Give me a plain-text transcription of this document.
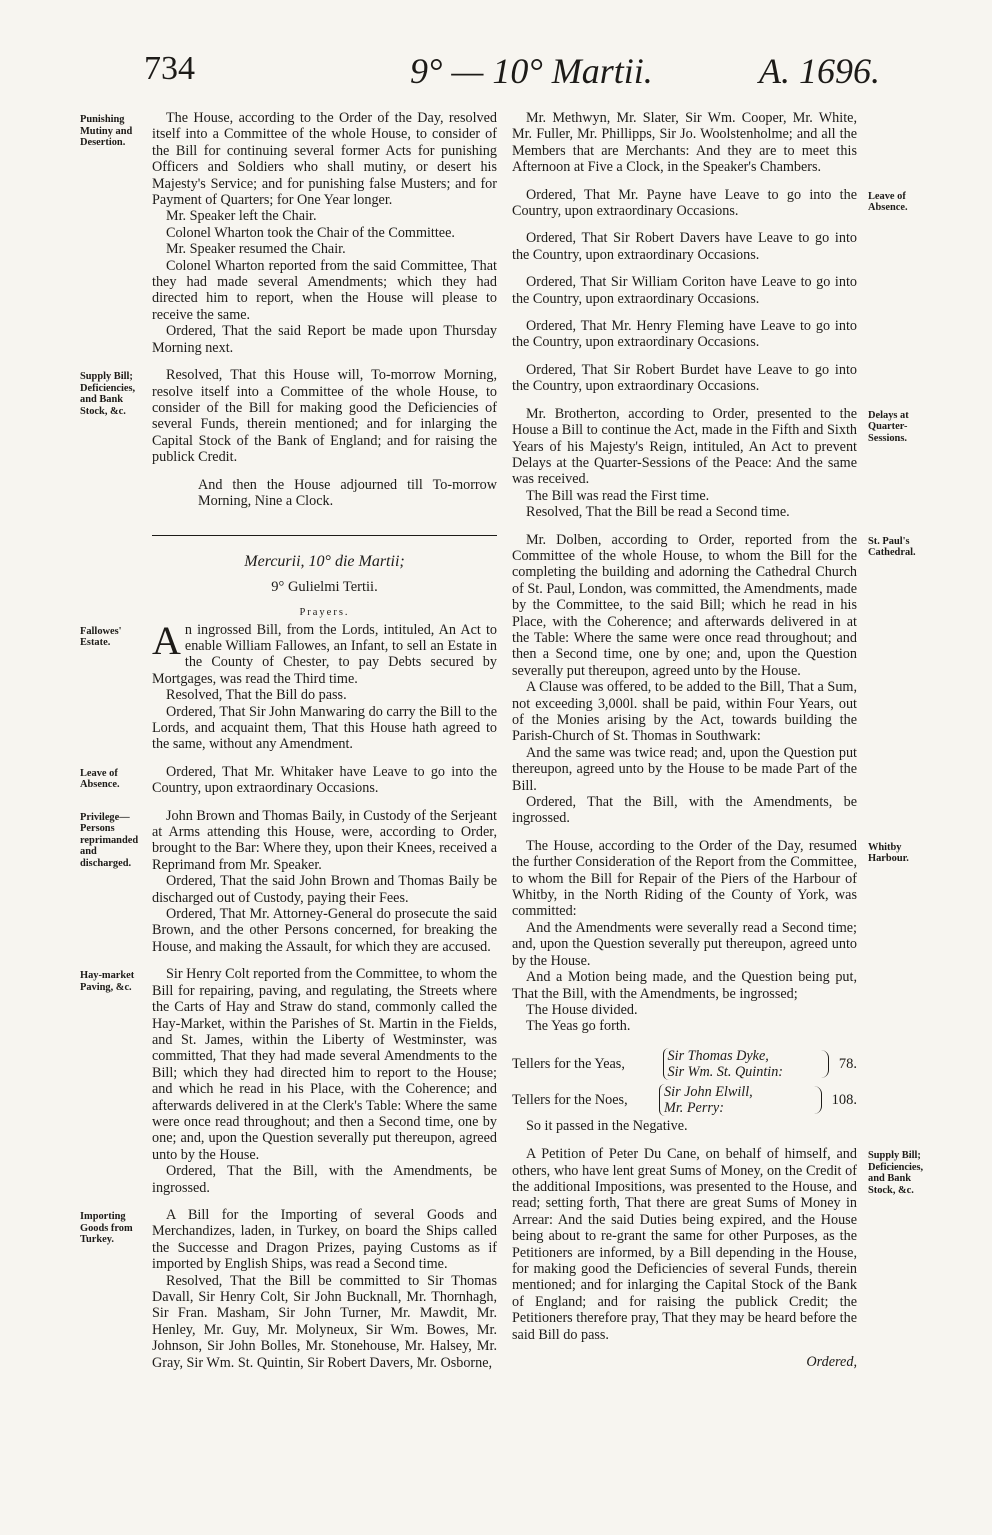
734	9° — 10° Martii.	A. 1696.
Punishing Mutiny and Desertion.

The House, according to the Order of the Day, resolved itself into a Committee of the whole House, to consider of the Bill for continuing several former Acts for punishing Officers and Soldiers who shall mutiny, or desert his Majesty's Service; and for punishing false Musters; and for Payment of Quarters; for One Year longer.

Mr. Speaker left the Chair.

Colonel Wharton took the Chair of the Committee.

Mr. Speaker resumed the Chair.

Colonel Wharton reported from the said Committee, That they had made several Amendments; which they had directed him to report, when the House will please to receive the same.

Ordered, That the said Report be made upon Thursday Morning next.

Supply Bill; Deficiencies, and Bank Stock, &c.

Resolved, That this House will, To-morrow Morning, resolve itself into a Committee of the whole House, to consider of the Bill for making good the Deficiencies of several Funds, therein mentioned; and for inlarging the Capital Stock of the Bank of England; and for raising the publick Credit.

And then the House adjourned till To-morrow Morning, Nine a Clock.

Mercurii, 10° die Martii;

9° Gulielmi Tertii.

Prayers.

Fallowes' Estate.	An ingrossed Bill, from the Lords, intituled, An Act to enable William Fallowes, an Infant, to sell an Estate in the County of Chester, to pay Debts secured by Mortgages, was read the Third time.

Resolved, That the Bill do pass.

Ordered, That Sir John Manwaring do carry the Bill to the Lords, and acquaint them, That this House hath agreed to the same, without any Amendment.

Leave of Absence.

Ordered, That Mr. Whitaker have Leave to go into the Country, upon extraordinary Occasions.

Privilege— Persons reprimanded and discharged.

John Brown and Thomas Baily, in Custody of the Serjeant at Arms attending this House, were, according to Order, brought to the Bar: Where they, upon their Knees, received a Reprimand from Mr. Speaker.

Ordered, That the said John Brown and Thomas Baily be discharged out of Custody, paying their Fees.

Ordered, That Mr. Attorney-General do prosecute the said Brown, and the other Persons concerned, for breaking the House, and making the Assault, for which they are accused.

Hay-market Paving, &c.

Sir Henry Colt reported from the Committee, to whom the Bill for repairing, paving, and regulating, the Streets where the Carts of Hay and Straw do stand, commonly called the Hay-Market, within the Parishes of St. Martin in the Fields, and St. James, within the Liberty of Westminster, was committed, That they had made several Amendments to the Bill; which they had directed him to report to the House; and which he read in his Place, with the Coherence; and afterwards delivered in at the Clerk's Table: Where the same were once read throughout; and then a Second time, one by one; and, upon the Question severally put thereupon, agreed unto by the House.

Ordered, That the Bill, with the Amendments, be ingrossed.

Importing Goods from Turkey.

A Bill for the Importing of several Goods and Merchandizes, laden, in Turkey, on board the Ships called the Successe and Dragon Prizes, paying Customs as if imported by English Ships, was read a Second time.

Resolved, That the Bill be committed to Sir Thomas Davall, Sir Henry Colt, Sir John Bucknall, Mr. Thornhagh, Sir Fran. Masham, Sir John Turner, Mr. Mawdit, Mr. Henley, Mr. Guy, Mr. Molyneux, Sir Wm. Bowes, Mr. Johnson, Sir John Bolles, Mr. Stonehouse, Mr. Halsey, Mr. Gray, Sir Wm. St. Quintin, Sir Robert Davers, Mr. Osborne,

Mr. Methwyn, Mr. Slater, Sir Wm. Cooper, Mr. White, Mr. Fuller, Mr. Phillipps, Sir Jo. Woolstenholme; and all the Members that are Merchants: And they are to meet this Afternoon at Five a Clock, in the Speaker's Chambers.

Leave of Absence.

Ordered, That Mr. Payne have Leave to go into the Country, upon extraordinary Occasions.

Ordered, That Sir Robert Davers have Leave to go into the Country, upon extraordinary Occasions.

Ordered, That Sir William Coriton have Leave to go into the Country, upon extraordinary Occasions.

Ordered, That Mr. Henry Fleming have Leave to go into the Country, upon extraordinary Occasions.

Ordered, That Sir Robert Burdet have Leave to go into the Country, upon extraordinary Occasions.

Delays at Quarter-Sessions.

Mr. Brotherton, according to Order, presented to the House a Bill to continue the Act, made in the Fifth and Sixth Years of his Majesty's Reign, intituled, An Act to prevent Delays at the Quarter-Sessions of the Peace: And the same was received.

The Bill was read the First time.

Resolved, That the Bill be read a Second time.

St. Paul's Cathedral.

Mr. Dolben, according to Order, reported from the Committee of the whole House, to whom the Bill for the completing the building and adorning the Cathedral Church of St. Paul, London, was committed, the Amendments, made by the Committee, to the said Bill; which he read in his Place, with the Coherence; and afterwards delivered in at the Table: Where the same were once read throughout; and then a Second time, one by one; and, upon the Question severally put thereupon, agreed unto by the House.

A Clause was offered, to be added to the Bill, That a Sum, not exceeding 3,000l. shall be paid, within Four Years, out of the Monies arising by the Act, towards building the Parish-Church of St. Thomas in Southwark:

And the same was twice read; and, upon the Question put thereupon, agreed unto by the House to be made Part of the Bill.

Ordered, That the Bill, with the Amendments, be ingrossed.

Whitby Harbour.

The House, according to the Order of the Day, resumed the further Consideration of the Report from the Committee, to whom the Bill for Repair of the Piers of the Harbour of Whitby, in the North Riding of the County of York, was committed:

And the Amendments were severally read a Second time; and, upon the Question severally put thereupon, agreed unto by the House.

And a Motion being made, and the Question being put, That the Bill, with the Amendments, be ingrossed;

The House divided.

The Yeas go forth.

Tellers for the Yeas,	Sir Thomas Dyke,
Sir Wm. St. Quintin:
78.
Tellers for the Noes,	Sir John Elwill,
Mr. Perry:
108.

So it passed in the Negative.

Supply Bill; Deficiencies, and Bank Stock, &c.

A Petition of Peter Du Cane, on behalf of himself, and others, who have lent great Sums of Money, on the Credit of the additional Impositions, was presented to the House, and read; setting forth, That there are great Sums of Money in Arrear: And the said Duties being expired, and the House being about to re-grant the same for other Purposes, as the Petitioners are informed, by a Bill depending in the House, for making good the Deficiencies of several Funds, therein mentioned; and for inlarging the Capital Stock of the Bank of England; and for raising the publick Credit; the Petitioners therefore pray, That they may be heard before the said Bill do pass.

Ordered,
